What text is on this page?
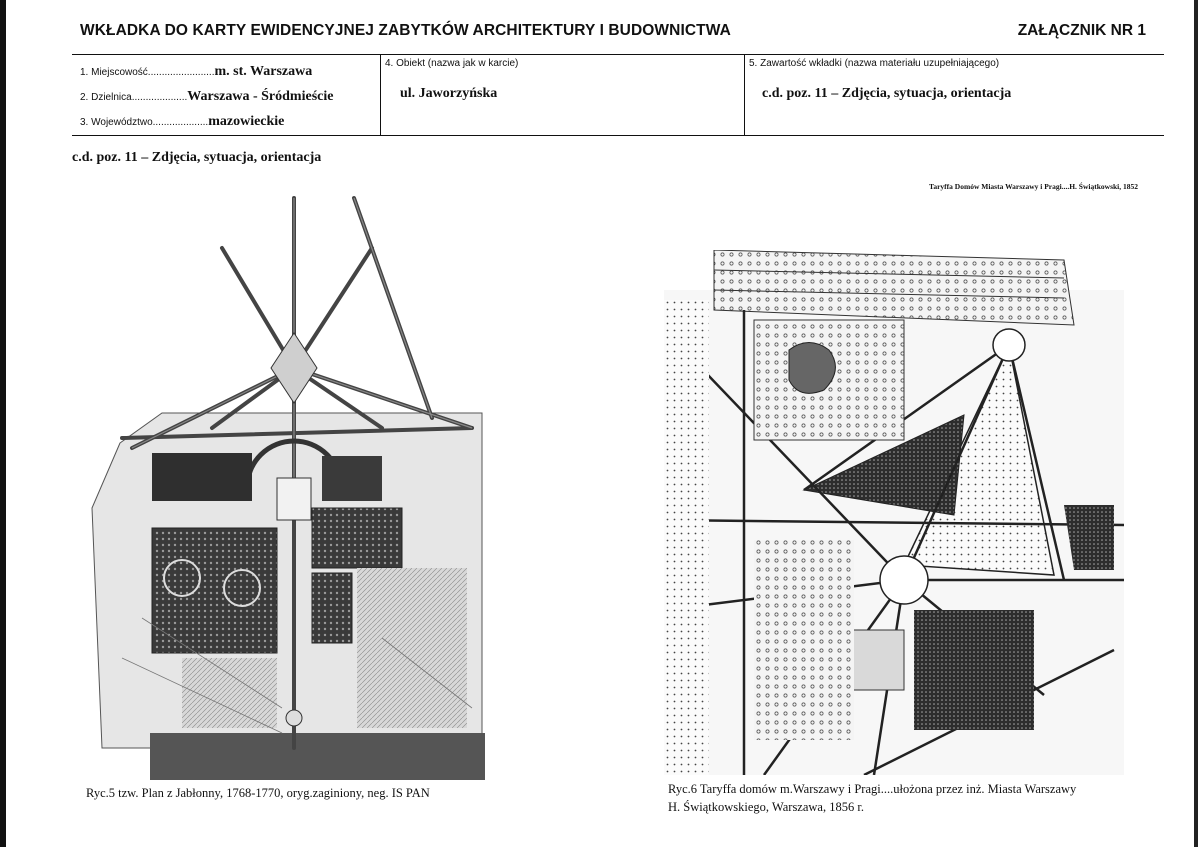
WKŁADKA DO KARTY EWIDENCYJNEJ ZABYTKÓW ARCHITEKTURY I BUDOWNICTWA	ZAŁĄCZNIK NR 1
1. Miejscowość........................m. st. Warszawa
2. Dzielnica....................Warszawa - Śródmieście
3. Województwo....................mazowieckie
4. Obiekt (nazwa jak w karcie)
ul. Jaworzyńska
5. Zawartość wkładki (nazwa materiału uzupełniającego)
c.d. poz. 11 – Zdjęcia, sytuacja, orientacja
c.d. poz. 11 – Zdjęcia, sytuacja, orientacja
Taryffa Domów Miasta Warszawy i Pragi....H. Świątkowski, 1852
Ryc.5 tzw. Plan z Jabłonny, 1768-1770, oryg.zaginiony, neg. IS PAN	Ryc.6 Taryffa domów m.Warszawy i Pragi....ułożona przez inż. Miasta Warszawy
H. Świątkowskiego, Warszawa, 1856 r.
